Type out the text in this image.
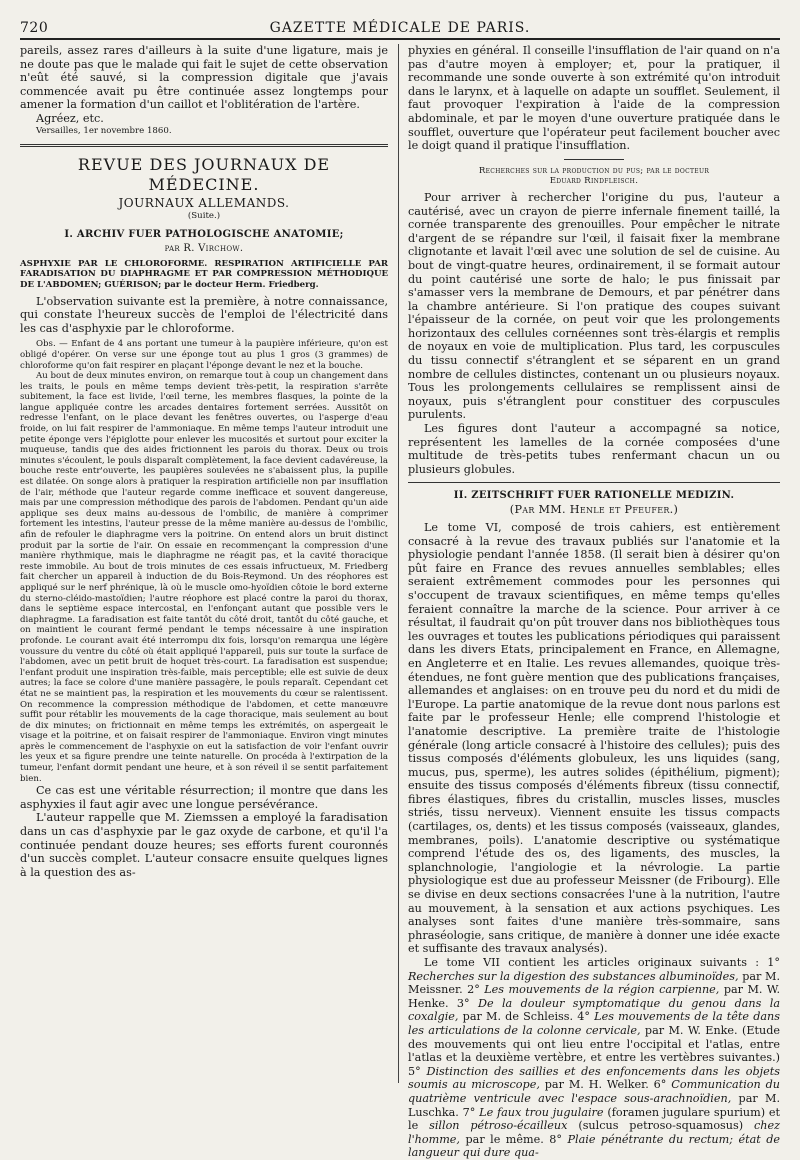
720	GAZETTE MÉDICALE DE PARIS.

pareils, assez rares d'ailleurs à la suite d'une ligature, mais je ne doute pas que le malade qui fait le sujet de cette observation n'eût été sauvé, si la compression digitale que j'avais commencée avait pu être continuée assez longtemps pour amener la formation d'un caillot et l'oblitération de l'artère.

Agréez, etc.

Versailles, 1er novembre 1860.

REVUE DES JOURNAUX DE MÉDECINE.
JOURNAUX ALLEMANDS.
(Suite.)
I. ARCHIV FUER PATHOLOGISCHE ANATOMIE;
par R. Virchow.

ASPHYXIE PAR LE CHLOROFORME. RESPIRATION ARTIFICIELLE PAR FARADISATION DU DIAPHRAGME ET PAR COMPRESSION MÉTHODIQUE DE L'ABDOMEN; GUÉRISON; par le docteur Herm. Friedberg.

L'observation suivante est la première, à notre connaissance, qui constate l'heureux succès de l'emploi de l'électricité dans les cas d'asphyxie par le chloroforme.

Obs. — Enfant de 4 ans portant une tumeur à la paupière inférieure, qu'on est obligé d'opérer. On verse sur une éponge tout au plus 1 gros (3 grammes) de chloroforme qu'on fait respirer en plaçant l'éponge devant le nez et la bouche.

Au bout de deux minutes environ, on remarque tout à coup un changement dans les traits, le pouls en même temps devient très-petit, la respiration s'arrête subitement, la face est livide, l'œil terne, les membres flasques, la pointe de la langue appliquée contre les arcades dentaires fortement serrées. Aussitôt on redresse l'enfant, on le place devant les fenêtres ouvertes, ou l'asperge d'eau froide, on lui fait respirer de l'ammoniaque. En même temps l'auteur introduit une petite éponge vers l'épiglotte pour enlever les mucosités et surtout pour exciter la muqueuse, tandis que des aides frictionnent les parois du thorax. Deux ou trois minutes s'écoulent, le pouls disparaît complètement, la face devient cadavéreuse, la bouche reste entr'ouverte, les paupières soulevées ne s'abaissent plus, la pupille est dilatée. On songe alors à pratiquer la respiration artificielle non par insufflation de l'air, méthode que l'auteur regarde comme inefficace et souvent dangereuse, mais par une compression méthodique des parois de l'abdomen. Pendant qu'un aide applique ses deux mains au-dessous de l'ombilic, de manière à comprimer fortement les intestins, l'auteur presse de la même manière au-dessus de l'ombilic, afin de refouler le diaphragme vers la poitrine. On entend alors un bruit distinct produit par la sortie de l'air. On essaie en recommençant la compression d'une manière rhythmique, mais le diaphragme ne réagit pas, et la cavité thoracique reste immobile. Au bout de trois minutes de ces essais infructueux, M. Friedberg fait chercher un appareil à induction de du Bois-Reymond. Un des réophores est appliqué sur le nerf phrénique, là où le muscle omo-hyoïdien côtoie le bord externe du sterno-cléido-mastoïdien; l'autre réophore est placé contre la paroi du thorax, dans le septième espace intercostal, en l'enfonçant autant que possible vers le diaphragme. La faradisation est faite tantôt du côté droit, tantôt du côté gauche, et on maintient le courant fermé pendant le temps nécessaire à une inspiration profonde. Le courant avait été interrompu dix fois, lorsqu'on remarqua une légère voussure du ventre du côté où était appliqué l'appareil, puis sur toute la surface de l'abdomen, avec un petit bruit de hoquet très-court. La faradisation est suspendue; l'enfant produit une inspiration très-faible, mais perceptible; elle est suivie de deux autres; la face se colore d'une manière passagère, le pouls reparaît. Cependant cet état ne se maintient pas, la respiration et les mouvements du cœur se ralentissent. On recommence la compression méthodique de l'abdomen, et cette manœuvre suffit pour rétablir les mouvements de la cage thoracique, mais seulement au bout de dix minutes; on frictionnait en même temps les extrémités, on aspergeait le visage et la poitrine, et on faisait respirer de l'ammoniaque. Environ vingt minutes après le commencement de l'asphyxie on eut la satisfaction de voir l'enfant ouvrir les yeux et sa figure prendre une teinte naturelle. On procéda à l'extirpation de la tumeur, l'enfant dormit pendant une heure, et à son réveil il se sentit parfaitement bien.

Ce cas est une véritable résurrection; il montre que dans les asphyxies il faut agir avec une longue persévérance.

L'auteur rappelle que M. Ziemssen a employé la faradisation dans un cas d'asphyxie par le gaz oxyde de carbone, et qu'il l'a continuée pendant douze heures; ses efforts furent couronnés d'un succès complet. L'auteur consacre ensuite quelques lignes à la question des as-

phyxies en général. Il conseille l'insufflation de l'air quand on n'a pas d'autre moyen à employer; et, pour la pratiquer, il recommande une sonde ouverte à son extrémité qu'on introduit dans le larynx, et à laquelle on adapte un soufflet. Seulement, il faut provoquer l'expiration à l'aide de la compression abdominale, et par le moyen d'une ouverture pratiquée dans le soufflet, ouverture que l'opérateur peut facilement boucher avec le doigt quand il pratique l'insufflation.

Recherches sur la production du pus; par le docteur
Eduard Rindfleisch.

Pour arriver à rechercher l'origine du pus, l'auteur a cautérisé, avec un crayon de pierre infernale finement taillé, la cornée transparente des grenouilles. Pour empêcher le nitrate d'argent de se répandre sur l'œil, il faisait fixer la membrane clignotante et lavait l'œil avec une solution de sel de cuisine. Au bout de vingt-quatre heures, ordinairement, il se formait autour du point cautérisé une sorte de halo; le pus finissait par s'amasser vers la membrane de Demours, et par pénétrer dans la chambre antérieure. Si l'on pratique des coupes suivant l'épaisseur de la cornée, on peut voir que les prolongements horizontaux des cellules cornéennes sont très-élargis et remplis de noyaux en voie de multiplication. Plus tard, les corpuscules du tissu connectif s'étranglent et se séparent en un grand nombre de cellules distinctes, contenant un ou plusieurs noyaux. Tous les prolongements cellulaires se remplissent ainsi de noyaux, puis s'étranglent pour constituer des corpuscules purulents.

Les figures dont l'auteur a accompagné sa notice, représentent les lamelles de la cornée composées d'une multitude de très-petits tubes renfermant chacun un ou plusieurs globules.

II. ZEITSCHRIFT FUER RATIONELLE MEDIZIN.
(Par MM. Henle et Pfeufer.)

Le tome VI, composé de trois cahiers, est entièrement consacré à la revue des travaux publiés sur l'anatomie et la physiologie pendant l'année 1858. (Il serait bien à désirer qu'on pût faire en France des revues annuelles semblables; elles seraient extrêmement commodes pour les personnes qui s'occupent de travaux scientifiques, en même temps qu'elles feraient connaître la marche de la science. Pour arriver à ce résultat, il faudrait qu'on pût trouver dans nos bibliothèques tous les ouvrages et toutes les publications périodiques qui paraissent dans les divers Etats, principalement en France, en Allemagne, en Angleterre et en Italie. Les revues allemandes, quoique très-étendues, ne font guère mention que des publications françaises, allemandes et anglaises: on en trouve peu du nord et du midi de l'Europe. La partie anatomique de la revue dont nous parlons est faite par le professeur Henle; elle comprend l'histologie et l'anatomie descriptive. La première traite de l'histologie générale (long article consacré à l'histoire des cellules); puis des tissus composés d'éléments globuleux, les uns liquides (sang, mucus, pus, sperme), les autres solides (épithélium, pigment); ensuite des tissus composés d'éléments fibreux (tissu connectif, fibres élastiques, fibres du cristallin, muscles lisses, muscles striés, tissu nerveux). Viennent ensuite les tissus compacts (cartilages, os, dents) et les tissus composés (vaisseaux, glandes, membranes, poils). L'anatomie descriptive ou systématique comprend l'étude des os, des ligaments, des muscles, la splanchnologie, l'angiologie et la névrologie. La partie physiologique est due au professeur Meissner (de Fribourg). Elle se divise en deux sections consacrées l'une à la nutrition, l'autre au mouvement, à la sensation et aux actions psychiques. Les analyses sont faites d'une manière très-sommaire, sans phraséologie, sans critique, de manière à donner une idée exacte et suffisante des travaux analysés).

Le tome VII contient les articles originaux suivants : 1° Recherches sur la digestion des substances albuminoïdes, par M. Meissner. 2° Les mouvements de la région carpienne, par M. W. Henke. 3° De la douleur symptomatique du genou dans la coxalgie, par M. de Schleiss. 4° Les mouvements de la tête dans les articulations de la colonne cervicale, par M. W. Enke. (Etude des mouvements qui ont lieu entre l'occipital et l'atlas, entre l'atlas et la deuxième vertèbre, et entre les vertèbres suivantes.) 5° Distinction des saillies et des enfoncements dans les objets soumis au microscope, par M. H. Welker. 6° Communication du quatrième ventricule avec l'espace sous-arachnoïdien, par M. Luschka. 7° Le faux trou jugulaire (foramen jugulare spurium) et le sillon pétroso-écailleux (sulcus petroso-squamosus) chez l'homme, par le même. 8° Plaie pénétrante du rectum; état de langueur qui dure qua-
